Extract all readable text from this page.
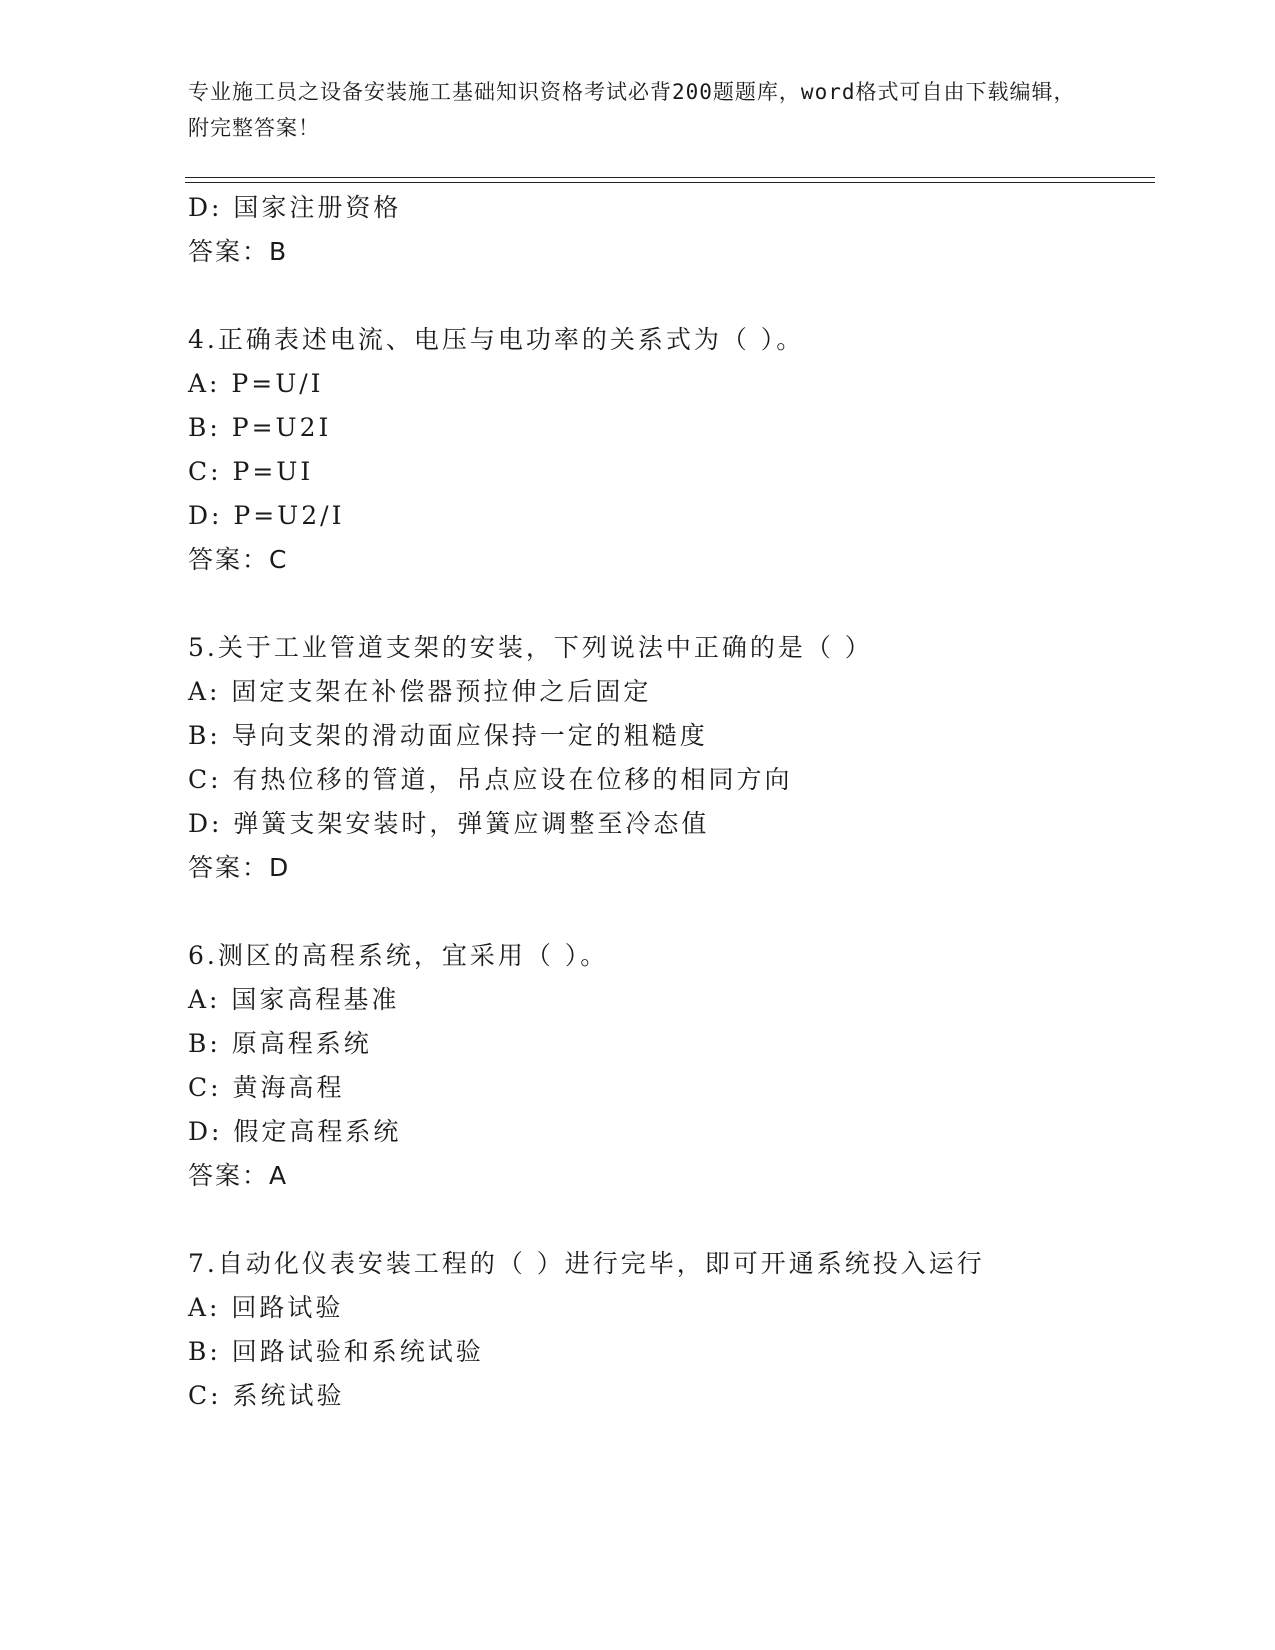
专业施工员之设备安装施工基础知识资格考试必背200题题库，word格式可自由下载编辑，附完整答案！
D: 国家注册资格
答案：B
4.正确表述电流、电压与电功率的关系式为（ ）。
A: P=U/I
B: P=U2I
C: P=UI
D: P=U2/I
答案：C
5.关于工业管道支架的安装，下列说法中正确的是（ ）
A: 固定支架在补偿器预拉伸之后固定
B: 导向支架的滑动面应保持一定的粗糙度
C: 有热位移的管道，吊点应设在位移的相同方向
D: 弹簧支架安装时，弹簧应调整至冷态值
答案：D
6.测区的高程系统，宜采用（ ）。
A: 国家高程基准
B: 原高程系统
C: 黄海高程
D: 假定高程系统
答案：A
7.自动化仪表安装工程的（ ）进行完毕，即可开通系统投入运行
A: 回路试验
B: 回路试验和系统试验
C: 系统试验
